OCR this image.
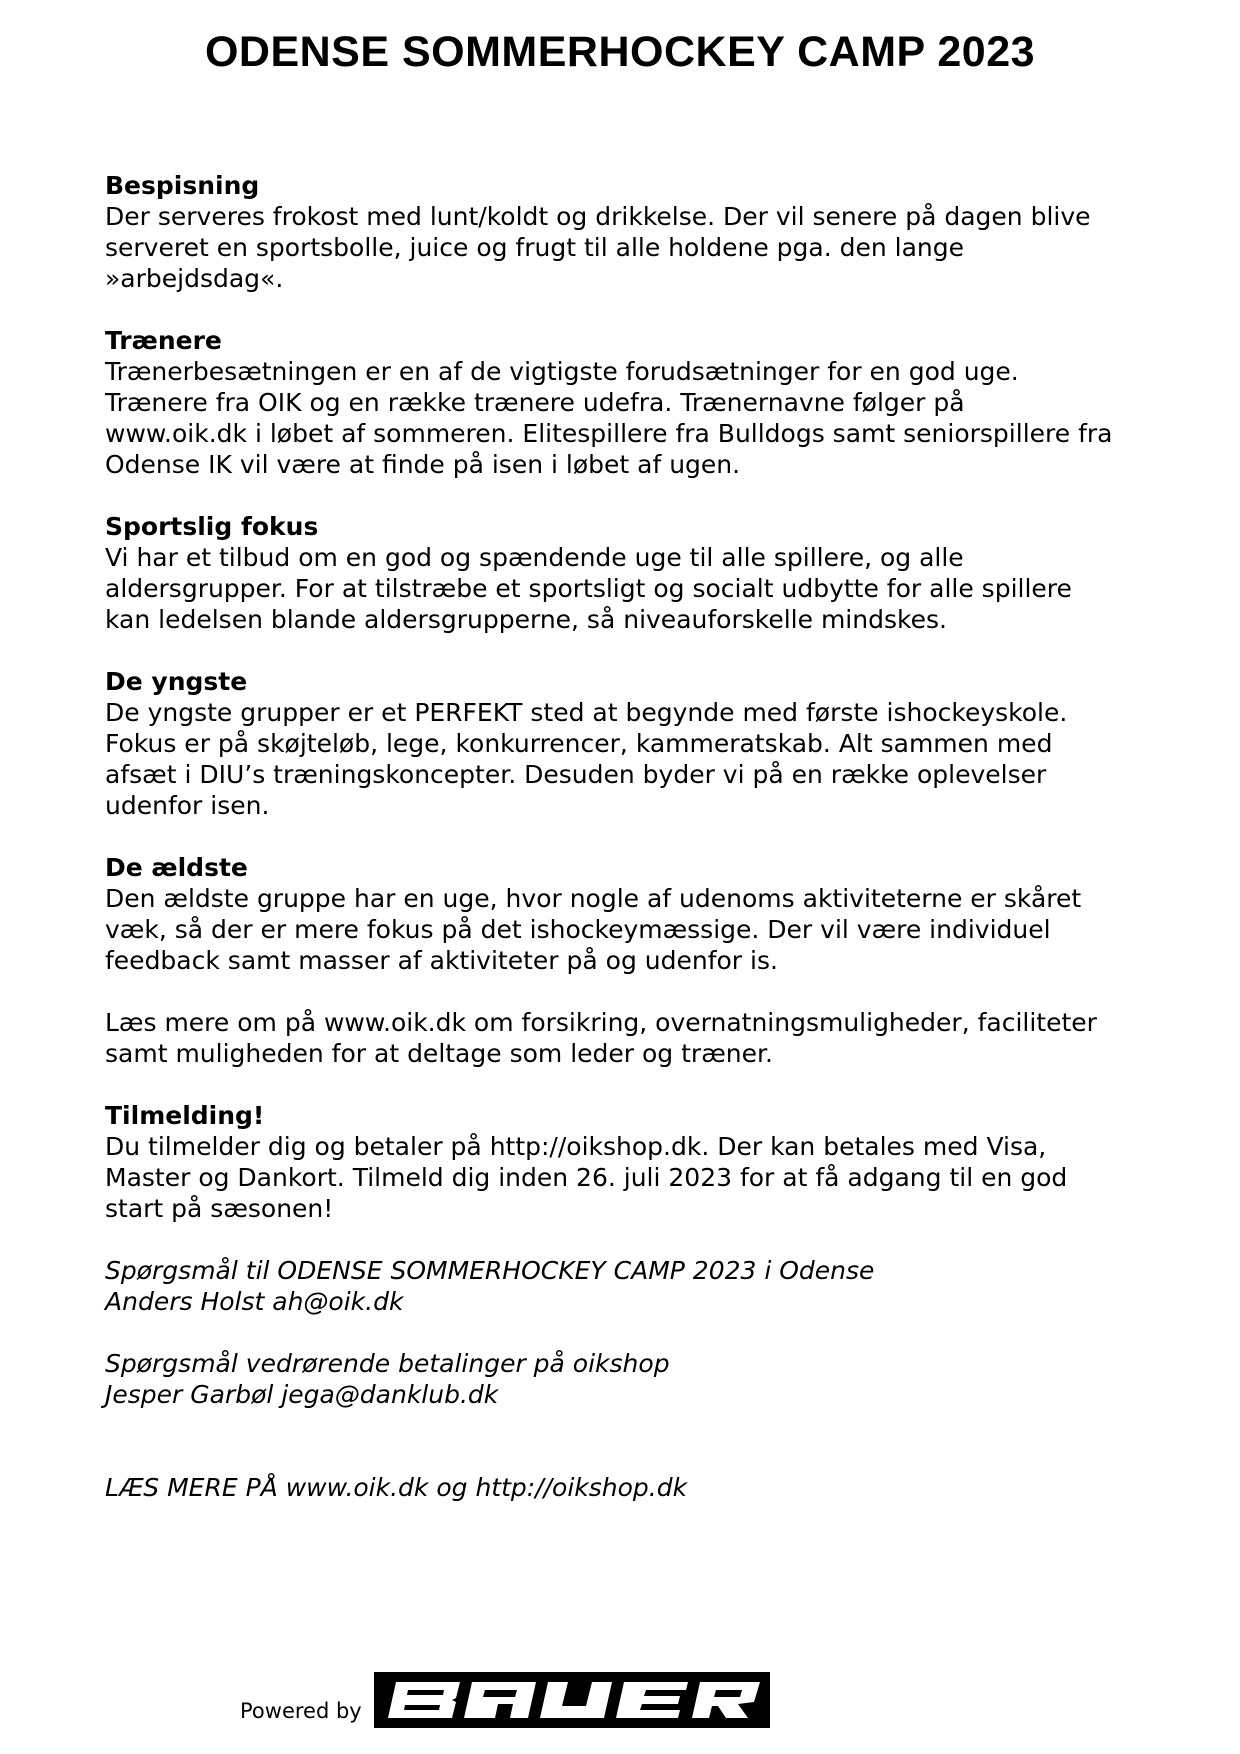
ODENSE SOMMERHOCKEY CAMP 2023
Bespisning

Der serveres frokost med lunt/koldt og drikkelse. Der vil senere på dagen blive
serveret en sportsbolle, juice og frugt til alle holdene pga. den lange
»arbejdsdag«.

Trænere

Trænerbesætningen er en af de vigtigste forudsætninger for en god uge.
Trænere fra OIK og en række trænere udefra. Trænernavne følger på
www.oik.dk i løbet af sommeren. Elitespillere fra Bulldogs samt seniorspillere fra
Odense IK vil være at finde på isen i løbet af ugen.

Sportslig fokus

Vi har et tilbud om en god og spændende uge til alle spillere, og alle
aldersgrupper. For at tilstræbe et sportsligt og socialt udbytte for alle spillere
kan ledelsen blande aldersgrupperne, så niveauforskelle mindskes.

De yngste

De yngste grupper er et PERFEKT sted at begynde med første ishockeyskole.
Fokus er på skøjteløb, lege, konkurrencer, kammeratskab. Alt sammen med
afsæt i DIU’s træningskoncepter. Desuden byder vi på en række oplevelser
udenfor isen.

De ældste

Den ældste gruppe har en uge, hvor nogle af udenoms aktiviteterne er skåret
væk, så der er mere fokus på det ishockeymæssige. Der vil være individuel
feedback samt masser af aktiviteter på og udenfor is.

Læs mere om på www.oik.dk om forsikring, overnatningsmuligheder, faciliteter
samt muligheden for at deltage som leder og træner.

Tilmelding!

Du tilmelder dig og betaler på http://oikshop.dk. Der kan betales med Visa,
Master og Dankort. Tilmeld dig inden 26. juli 2023 for at få adgang til en god
start på sæsonen!

Spørgsmål til ODENSE SOMMERHOCKEY CAMP 2023 i Odense

Anders Holst ah@oik.dk

Spørgsmål vedrørende betalinger på oikshop

Jesper Garbøl jega@danklub.dk

LÆS MERE PÅ www.oik.dk og http://oikshop.dk

Powered by
